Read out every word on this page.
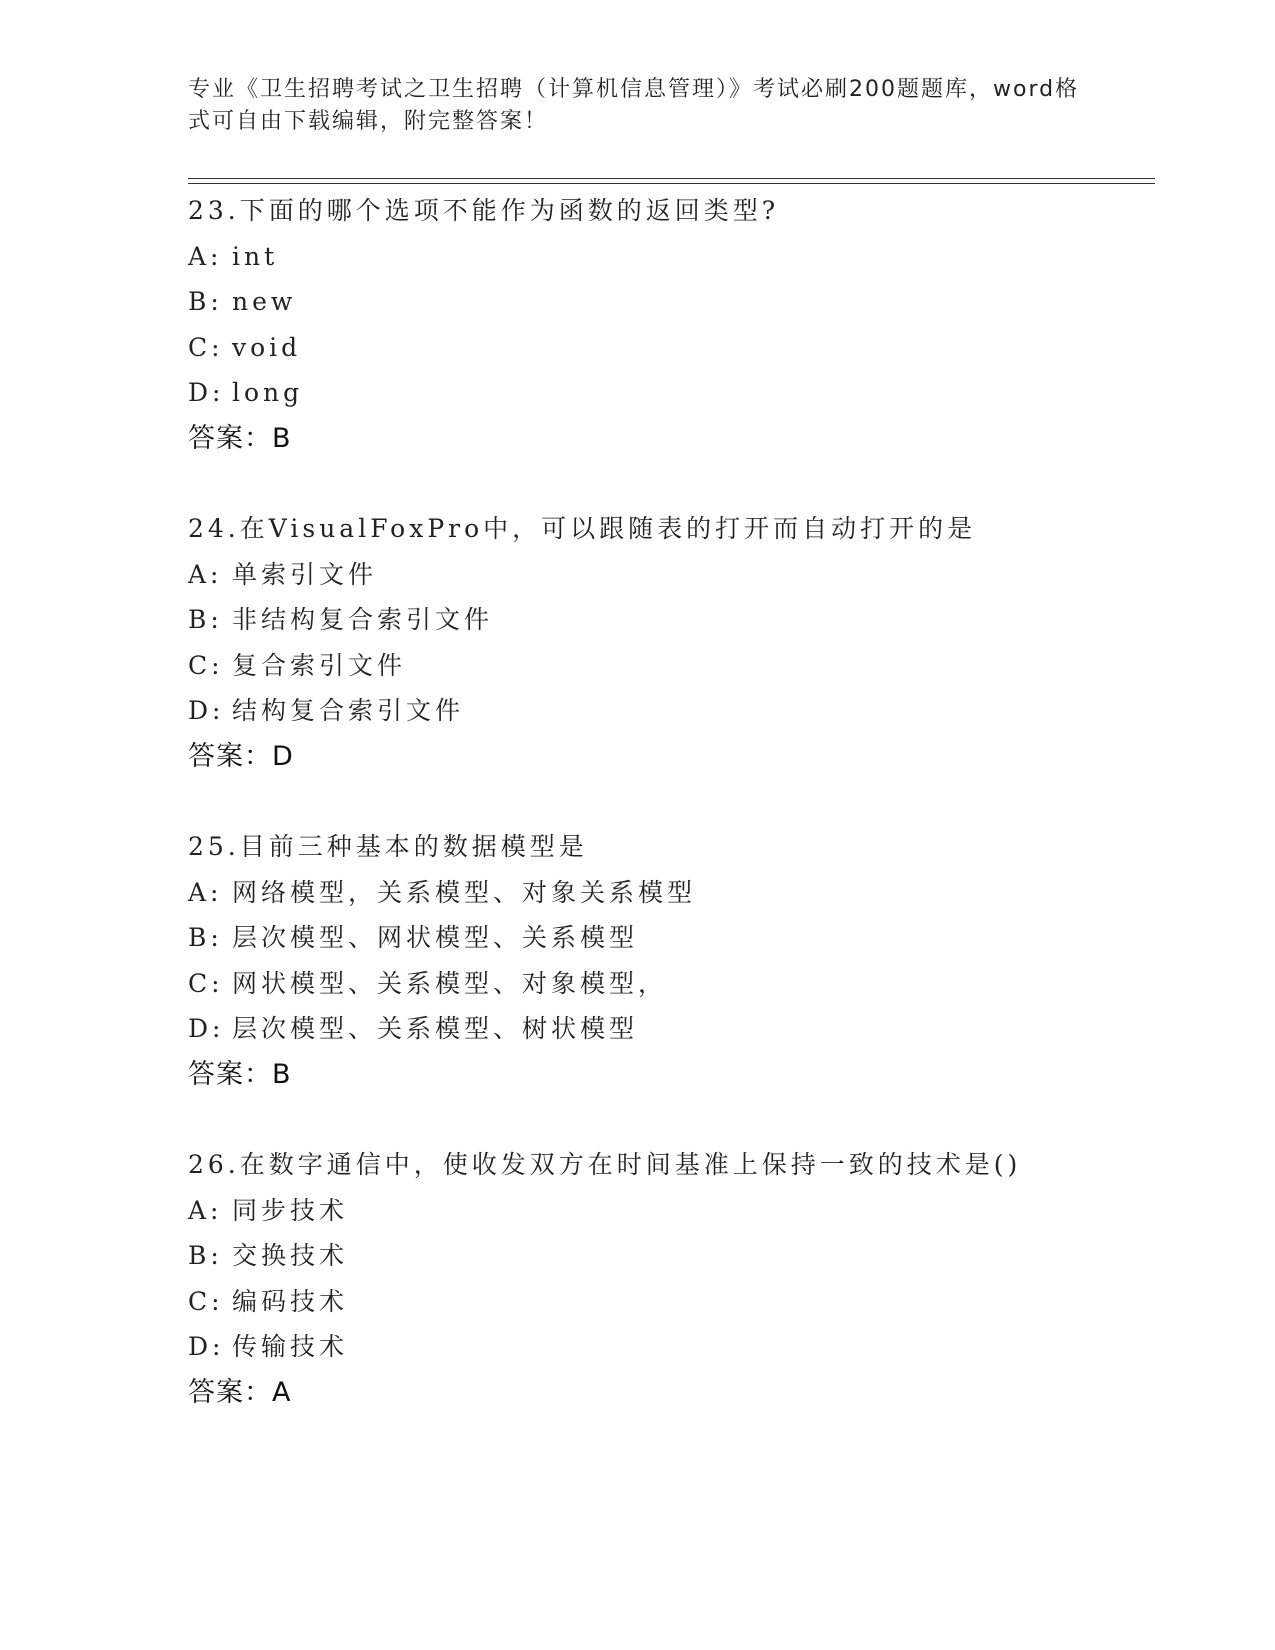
专业《卫生招聘考试之卫生招聘（计算机信息管理）》考试必刷200题题库，word格式可自由下载编辑，附完整答案！
23.下面的哪个选项不能作为函数的返回类型?
A: int
B: new
C: void
D: long
答案：B
24.在VisualFoxPro中，可以跟随表的打开而自动打开的是
A: 单索引文件
B: 非结构复合索引文件
C: 复合索引文件
D: 结构复合索引文件
答案：D
25.目前三种基本的数据模型是
A: 网络模型，关系模型、对象关系模型
B: 层次模型、网状模型、关系模型
C: 网状模型、关系模型、对象模型，
D: 层次模型、关系模型、树状模型
答案：B
26.在数字通信中，使收发双方在时间基准上保持一致的技术是()
A: 同步技术
B: 交换技术
C: 编码技术
D: 传输技术
答案：A
